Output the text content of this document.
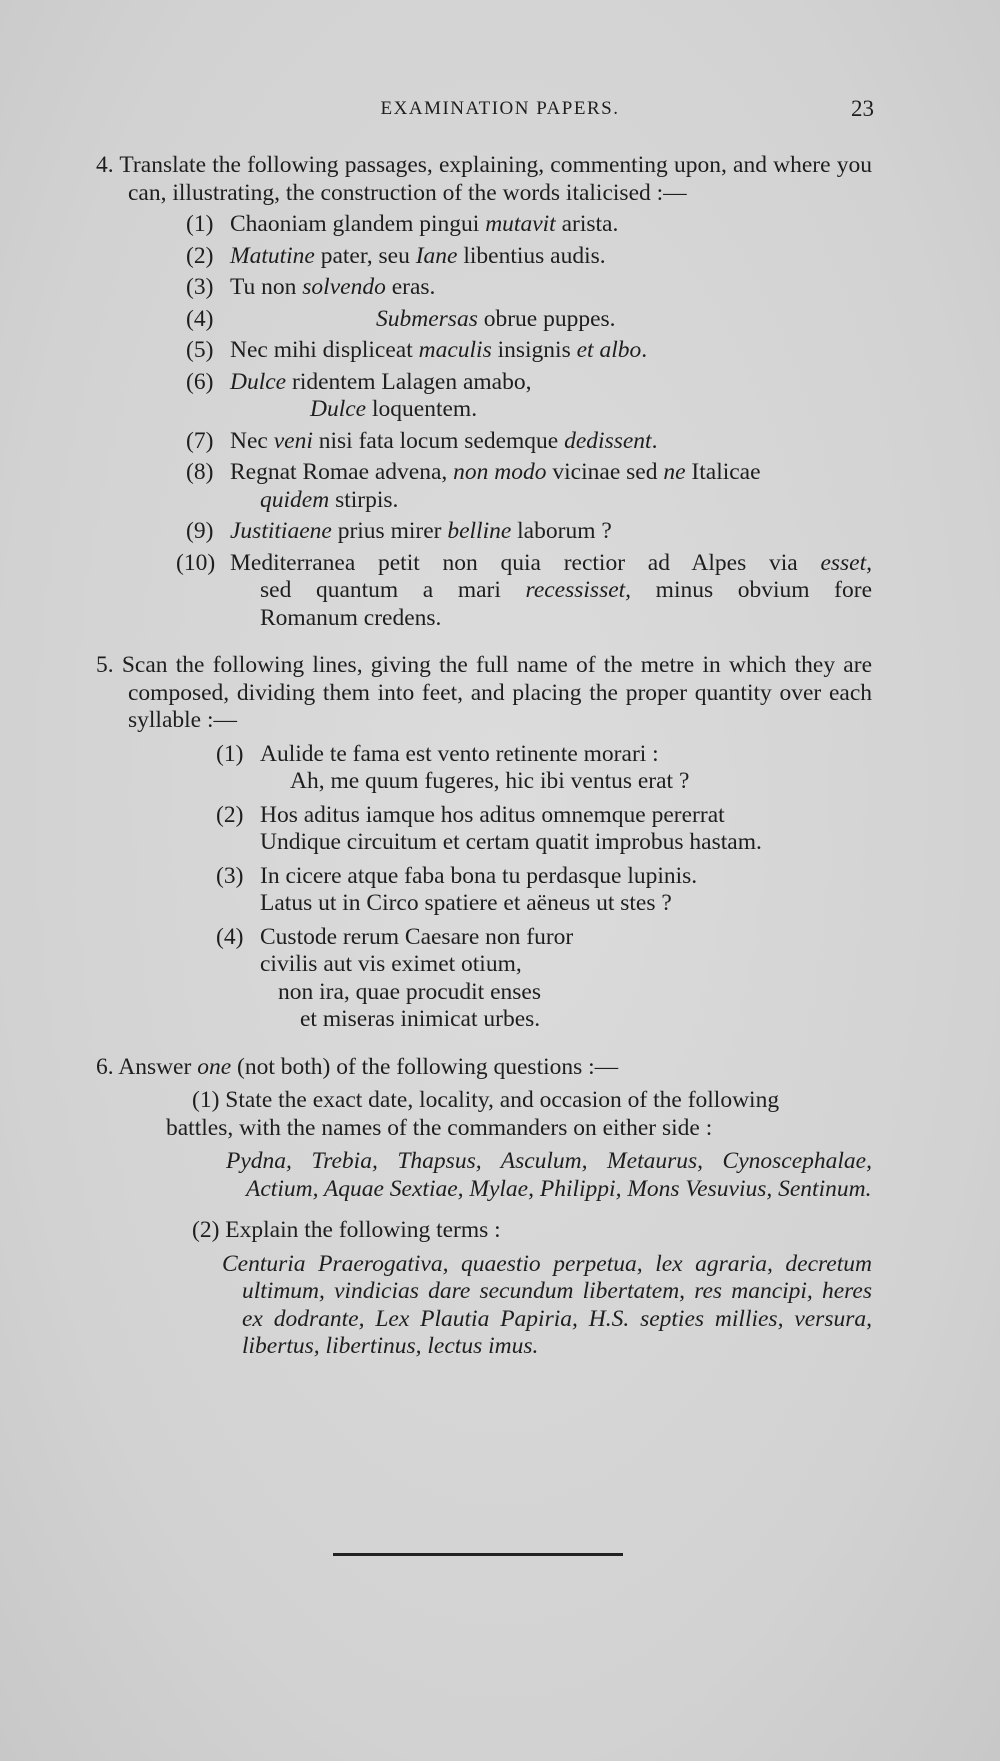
EXAMINATION PAPERS.	23
4. Translate the following passages, explaining, commenting upon, and where you can, illustrating, the construction of the words italicised :—
(1) Chaoniam glandem pingui mutavit arista.
(2) Matutine pater, seu Iane libentius audis.
(3) Tu non solvendo eras.
(4)	Submersas obrue puppes.
(5) Nec mihi displiceat maculis insignis et albo.
(6) Dulce ridentem Lalagen amabo,
Dulce loquentem.
(7) Nec veni nisi fata locum sedemque dedissent.
(8) Regnat Romae advena, non modo vicinae sed ne Italicae
quidem stirpis.
(9) Justitiaene prius mirer belline laborum ?
(10) Mediterranea petit non quia rectior ad Alpes via esset,
sed quantum a mari recessisset, minus obvium fore
Romanum credens.
5. Scan the following lines, giving the full name of the metre in which they are composed, dividing them into feet, and placing the proper quantity over each syllable :—
(1) Aulide te fama est vento retinente morari :
Ah, me quum fugeres, hic ibi ventus erat ?
(2) Hos aditus iamque hos aditus omnemque pererrat
Undique circuitum et certam quatit improbus hastam.
(3) In cicere atque faba bona tu perdasque lupinis.
Latus ut in Circo spatiere et aëneus ut stes ?
(4) Custode rerum Caesare non furor
civilis aut vis eximet otium,
non ira, quae procudit enses
et miseras inimicat urbes.
6. Answer one (not both) of the following questions :—
(1) State the exact date, locality, and occasion of the following
battles, with the names of the commanders on either side :
Pydna, Trebia, Thapsus, Asculum, Metaurus, Cynoscephalae, Actium, Aquae Sextiae, Mylae, Philippi, Mons Vesuvius, Sentinum.
(2) Explain the following terms :
Centuria Praerogativa, quaestio perpetua, lex agraria, decretum ultimum, vindicias dare secundum libertatem, res mancipi, heres ex dodrante, Lex Plautia Papiria, H.S. septies millies, versura, libertus, libertinus, lectus imus.
